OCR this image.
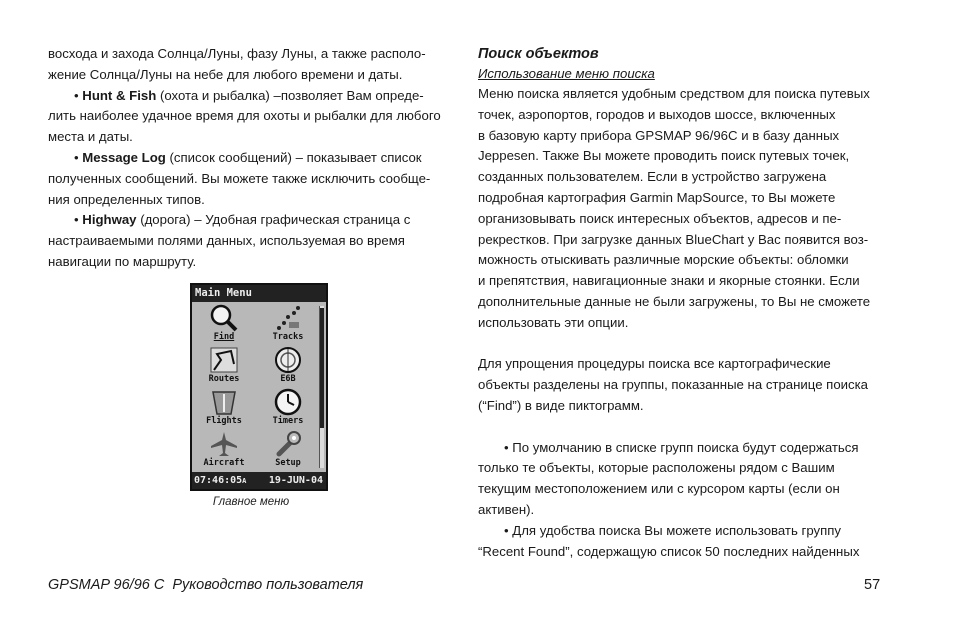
восхода и захода Солнца/Луны, фазу Луны, а также располо-
жение Солнца/Луны на небе для любого времени и даты.
• Hunt & Fish (охота и рыбалка) –позволяет Вам опреде-
лить наиболее удачное время для охоты и рыбалки для любого
места и даты.
• Message Log (список сообщений) – показывает список
полученных сообщений. Вы можете также исключить сообще-
ния определенных типов.
• Highway (дорога) – Удобная графическая страница с
настраиваемыми полями данных, используемая во время
навигации по маршруту.
Main Menu
Find	Tracks
Routes	E6B
Flights	Timers
Aircraft	Setup
07:46:05A 19-JUN-04
Главное меню
Поиск объектов
Использование меню поиска
Меню поиска является удобным средством для поиска путевых
точек, аэропортов, городов и выходов шоссе, включенных
в базовую карту прибора GPSMAP 96/96C и в базу данных
Jeppesen. Также Вы можете проводить поиск путевых точек,
созданных пользователем. Если в устройство загружена
подробная картография Garmin MapSource, то Вы можете
организовывать поиск интересных объектов, адресов и пе-
рекрестков. При загрузке данных BlueChart у Вас появится воз-
можность отыскивать различные морские объекты: обломки
и препятствия, навигационные знаки и якорные стоянки. Если
дополнительные данные не были загружены, то Вы не сможете
использовать эти опции.
Для упрощения процедуры поиска все картографические
объекты разделены на группы, показанные на странице поиска
(“Find”) в виде пиктограмм.
• По умолчанию в списке групп поиска будут содержаться
только те объекты, которые расположены рядом с Вашим
текущим местоположением или с курсором карты (если он
активен).
• Для удобства поиска Вы можете использовать группу
“Recent Found”, содержащую список 50 последних найденных
GPSMAP 96/96 C Руководство пользователя	57
